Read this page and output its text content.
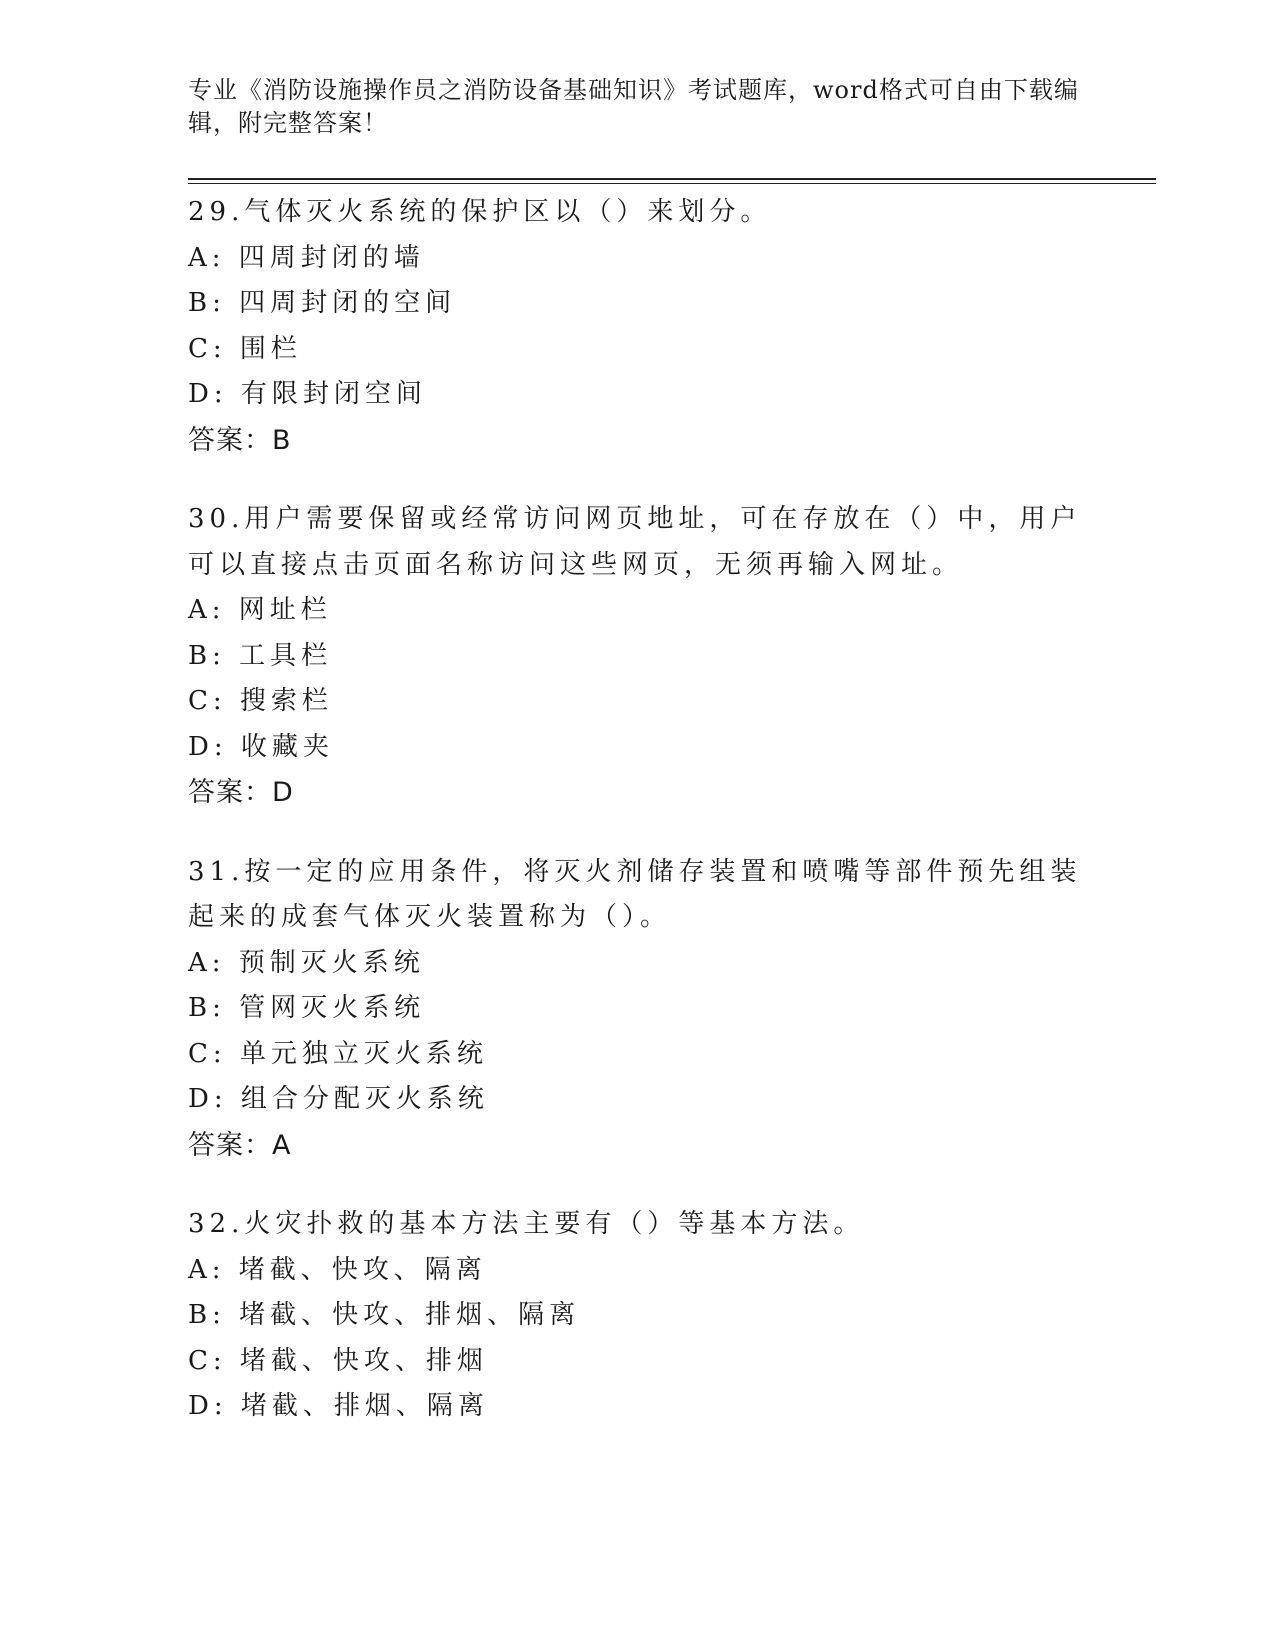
专业《消防设施操作员之消防设备基础知识》考试题库，word格式可自由下载编辑，附完整答案！
29.气体灭火系统的保护区以（）来划分。
A: 四周封闭的墙
B: 四周封闭的空间
C: 围栏
D: 有限封闭空间
答案：B
30.用户需要保留或经常访问网页地址，可在存放在（）中，用户可以直接点击页面名称访问这些网页，无须再输入网址。
A: 网址栏
B: 工具栏
C: 搜索栏
D: 收藏夹
答案：D
31.按一定的应用条件，将灭火剂储存装置和喷嘴等部件预先组装起来的成套气体灭火装置称为（）。
A: 预制灭火系统
B: 管网灭火系统
C: 单元独立灭火系统
D: 组合分配灭火系统
答案：A
32.火灾扑救的基本方法主要有（）等基本方法。
A: 堵截、快攻、隔离
B: 堵截、快攻、排烟、隔离
C: 堵截、快攻、排烟
D: 堵截、排烟、隔离
